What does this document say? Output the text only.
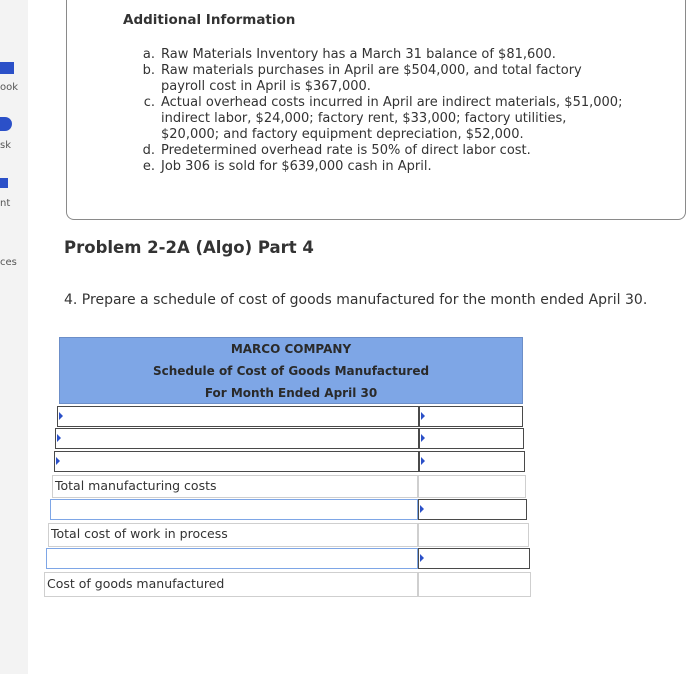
ook
sk
nt
ces
Additional Information
a. Raw Materials Inventory has a March 31 balance of $81,600.
b. Raw materials purchases in April are $504,000, and total factory payroll cost in April is $367,000.
c. Actual overhead costs incurred in April are indirect materials, $51,000; indirect labor, $24,000; factory rent, $33,000; factory utilities, $20,000; and factory equipment depreciation, $52,000.
d. Predetermined overhead rate is 50% of direct labor cost.
e. Job 306 is sold for $639,000 cash in April.
Problem 2-2A (Algo) Part 4
4. Prepare a schedule of cost of goods manufactured for the month ended April 30.
MARCO COMPANY
Schedule of Cost of Goods Manufactured
For Month Ended April 30
Total manufacturing costs
Total cost of work in process
Cost of goods manufactured
